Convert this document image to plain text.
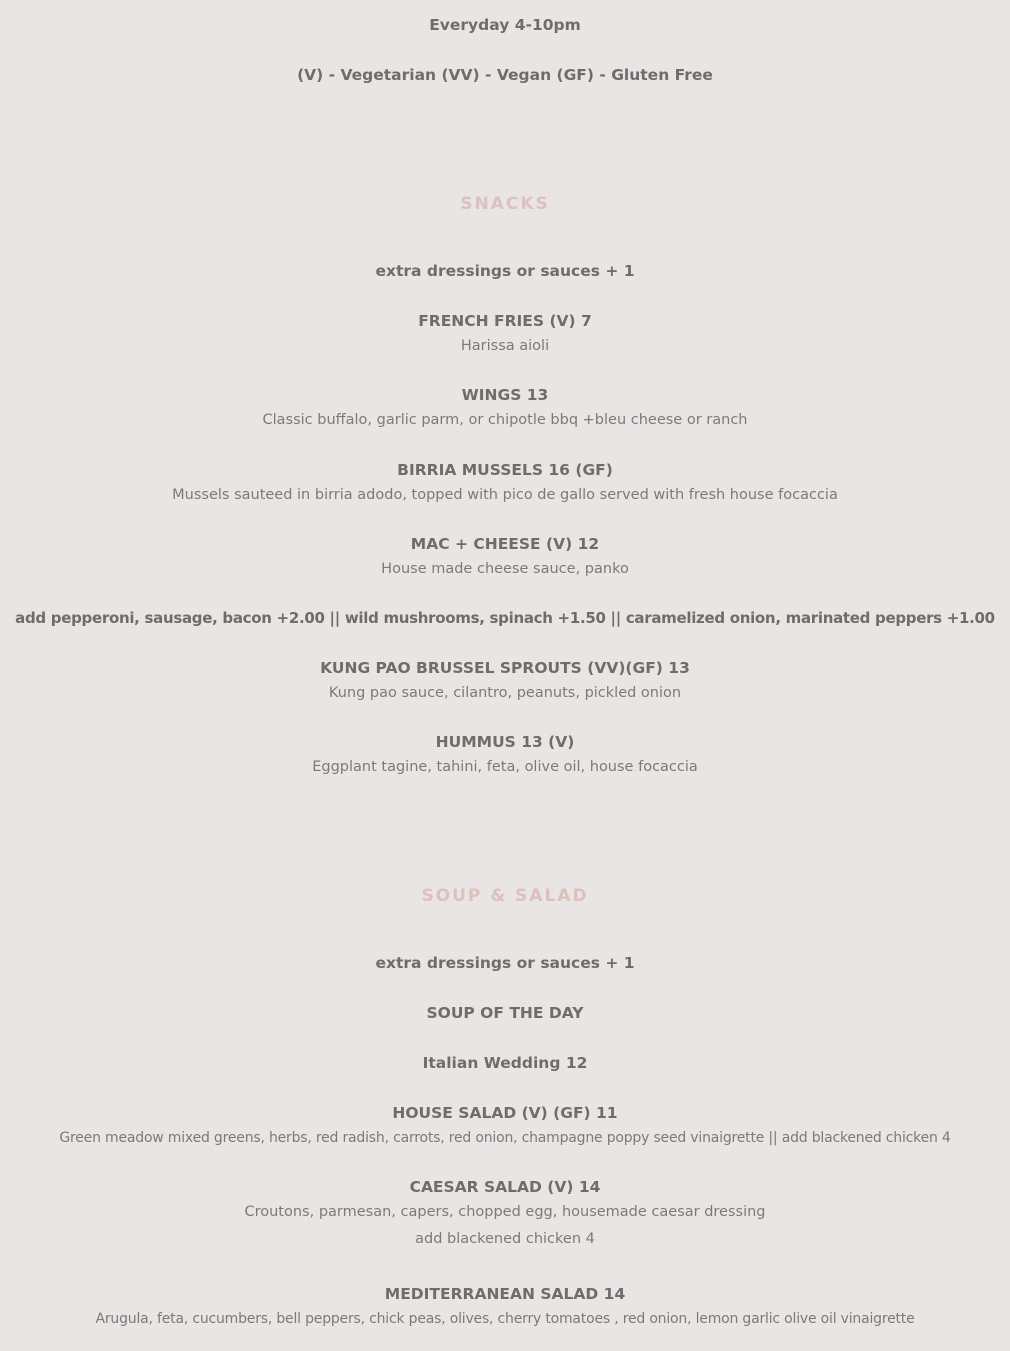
Everyday 4-10pm
(V) - Vegetarian (VV) - Vegan (GF) - Gluten Free
SNACKS
extra dressings or sauces + 1
FRENCH FRIES (V) 7
Harissa aioli
WINGS 13
Classic buffalo, garlic parm, or chipotle bbq +bleu cheese or ranch
BIRRIA MUSSELS 16 (GF)
Mussels sauteed in birria adodo, topped with pico de gallo served with fresh house focaccia
MAC + CHEESE (V) 12
House made cheese sauce, panko
add pepperoni, sausage, bacon +2.00 || wild mushrooms, spinach +1.50 || caramelized onion, marinated peppers +1.00
KUNG PAO BRUSSEL SPROUTS (VV)(GF) 13
Kung pao sauce, cilantro, peanuts, pickled onion
HUMMUS 13 (V)
Eggplant tagine, tahini, feta, olive oil, house focaccia
SOUP & SALAD
extra dressings or sauces + 1
SOUP OF THE DAY
Italian Wedding 12
HOUSE SALAD (V) (GF) 11
Green meadow mixed greens, herbs, red radish, carrots, red onion, champagne poppy seed vinaigrette || add blackened chicken 4
CAESAR SALAD (V) 14
Croutons, parmesan, capers, chopped egg, housemade caesar dressing
add blackened chicken 4
MEDITERRANEAN SALAD 14
Arugula, feta, cucumbers, bell peppers, chick peas, olives, cherry tomatoes , red onion, lemon garlic olive oil vinaigrette
